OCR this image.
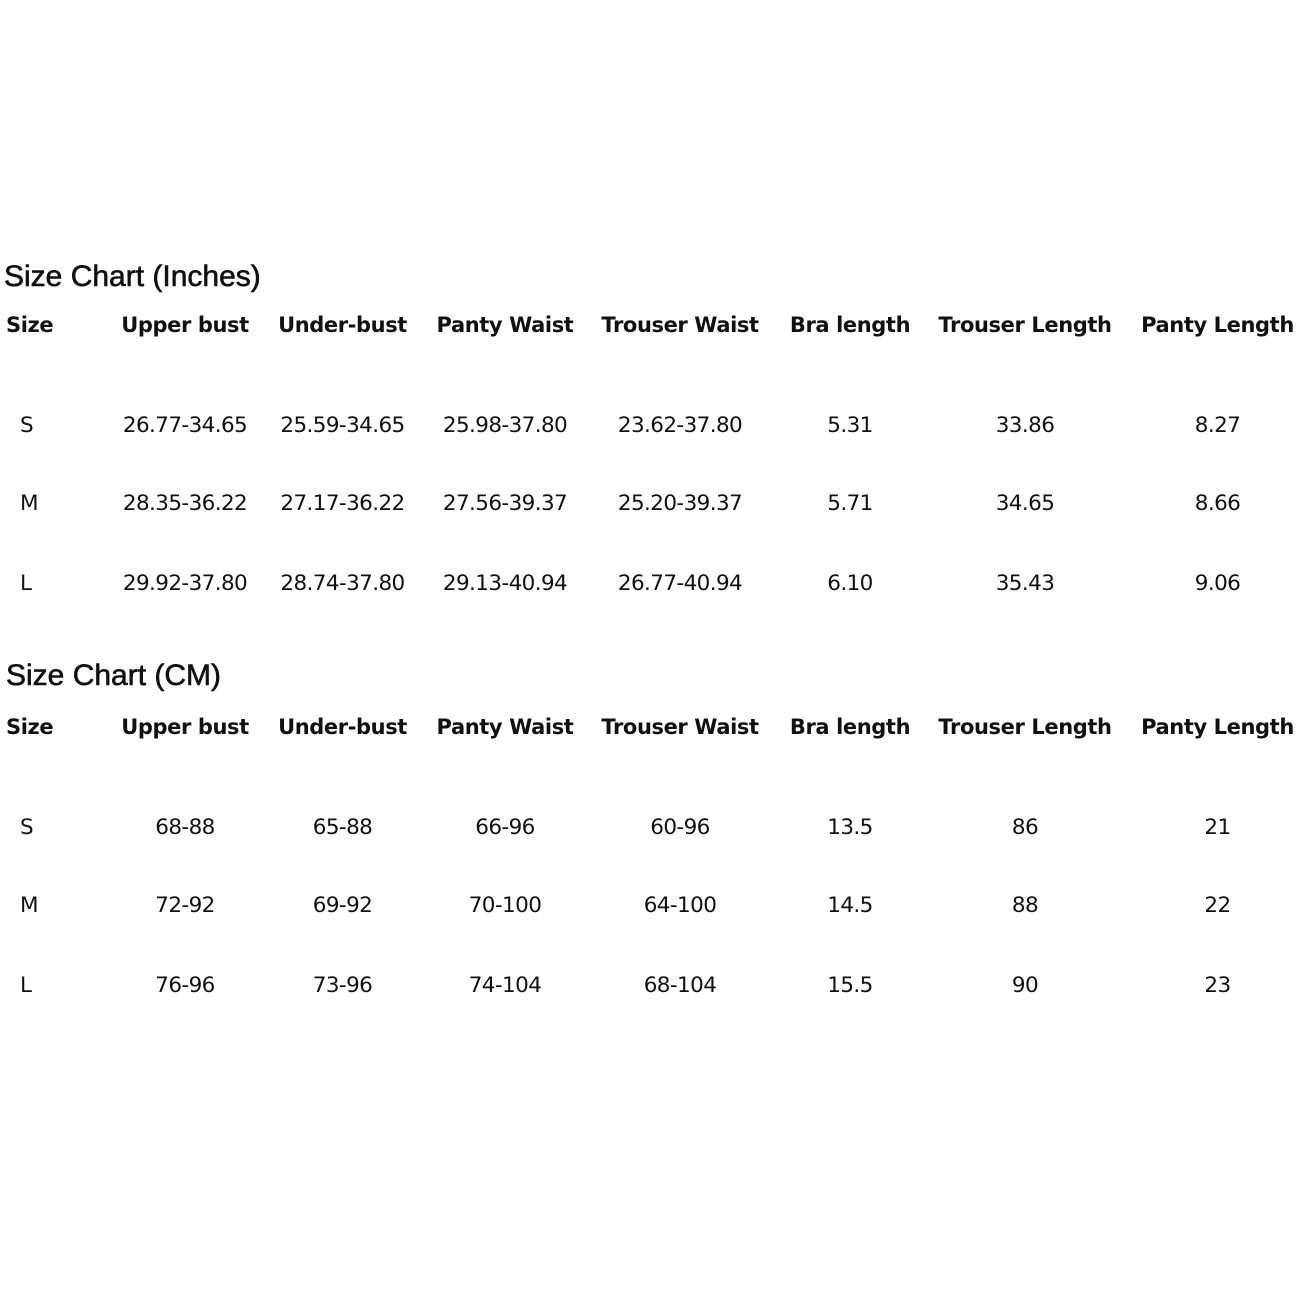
Size Chart (Inches)
Size	Upper bust	Under-bust	Panty Waist	Trouser Waist	Bra length	Trouser Length	Panty Length
S	26.77-34.65	25.59-34.65	25.98-37.80	23.62-37.80	5.31	33.86	8.27
M	28.35-36.22	27.17-36.22	27.56-39.37	25.20-39.37	5.71	34.65	8.66
L	29.92-37.80	28.74-37.80	29.13-40.94	26.77-40.94	6.10	35.43	9.06
Size Chart (CM)
Size	Upper bust	Under-bust	Panty Waist	Trouser Waist	Bra length	Trouser Length	Panty Length
S	68-88	65-88	66-96	60-96	13.5	86	21
M	72-92	69-92	70-100	64-100	14.5	88	22
L	76-96	73-96	74-104	68-104	15.5	90	23
